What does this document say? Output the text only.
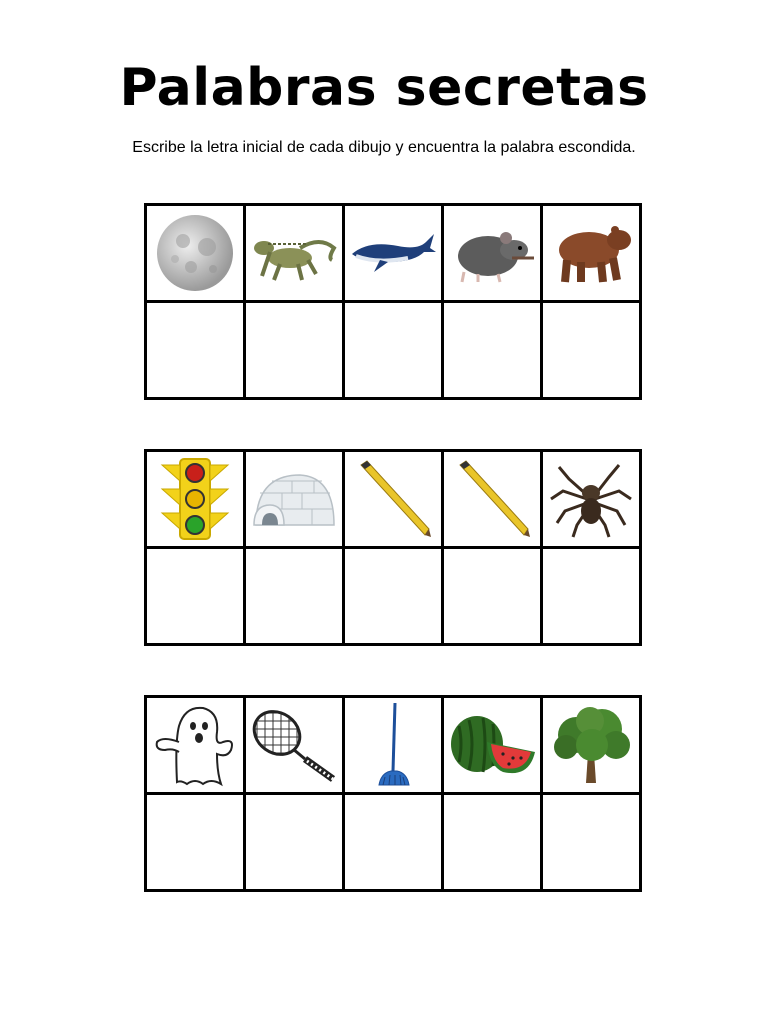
Palabras secretas
Escribe la letra inicial de cada dibujo y encuentra la palabra escondida.
